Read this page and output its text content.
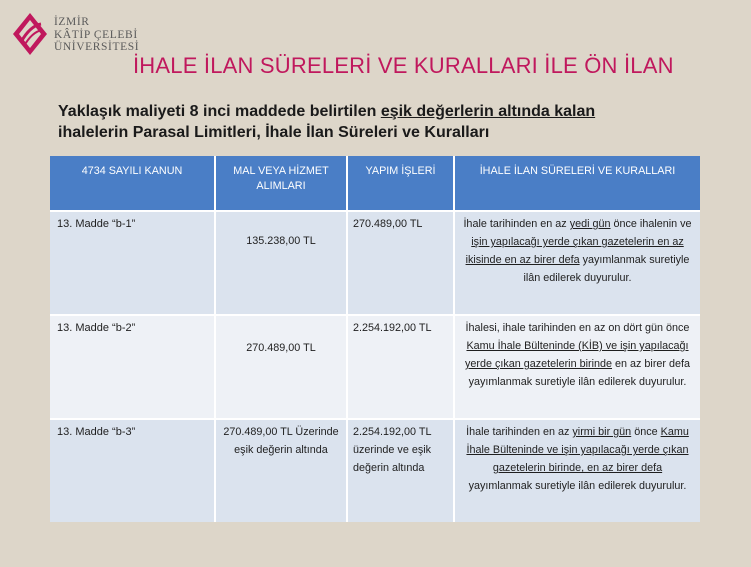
İZMİR
KÂTİP ÇELEBİ
ÜNİVERSİTESİ
İHALE İLAN SÜRELERİ VE KURALLARI İLE ÖN İLAN
Yaklaşık maliyeti 8 inci maddede belirtilen eşik değerlerin altında kalan
ihalelerin Parasal Limitleri, İhale İlan Süreleri ve Kuralları
4734 SAYILI KANUN	MAL VEYA HİZMET ALIMLARI	YAPIM İŞLERİ	İHALE İLAN SÜRELERİ VE KURALLARI
13. Madde “b-1”	135.238,00 TL	270.489,00 TL	İhale tarihinden en az yedi gün önce ihalenin ve işin yapılacağı yerde çıkan gazetelerin en az ikisinde en az birer defa yayımlanmak suretiyle ilân edilerek duyurulur.
13. Madde “b-2”	270.489,00 TL	2.254.192,00 TL	İhalesi, ihale tarihinden en az on dört gün önce Kamu İhale Bülteninde (KİB) ve işin yapılacağı yerde çıkan gazetelerin birinde en az birer defa yayımlanmak suretiyle ilân edilerek duyurulur.
13. Madde “b-3”	270.489,00 TL Üzerinde eşik değerin altında	2.254.192,00 TL üzerinde ve eşik değerin altında	İhale tarihinden en az yirmi bir gün önce Kamu İhale Bülteninde ve işin yapılacağı yerde çıkan gazetelerin birinde, en az birer defa yayımlanmak suretiyle ilân edilerek duyurulur.
